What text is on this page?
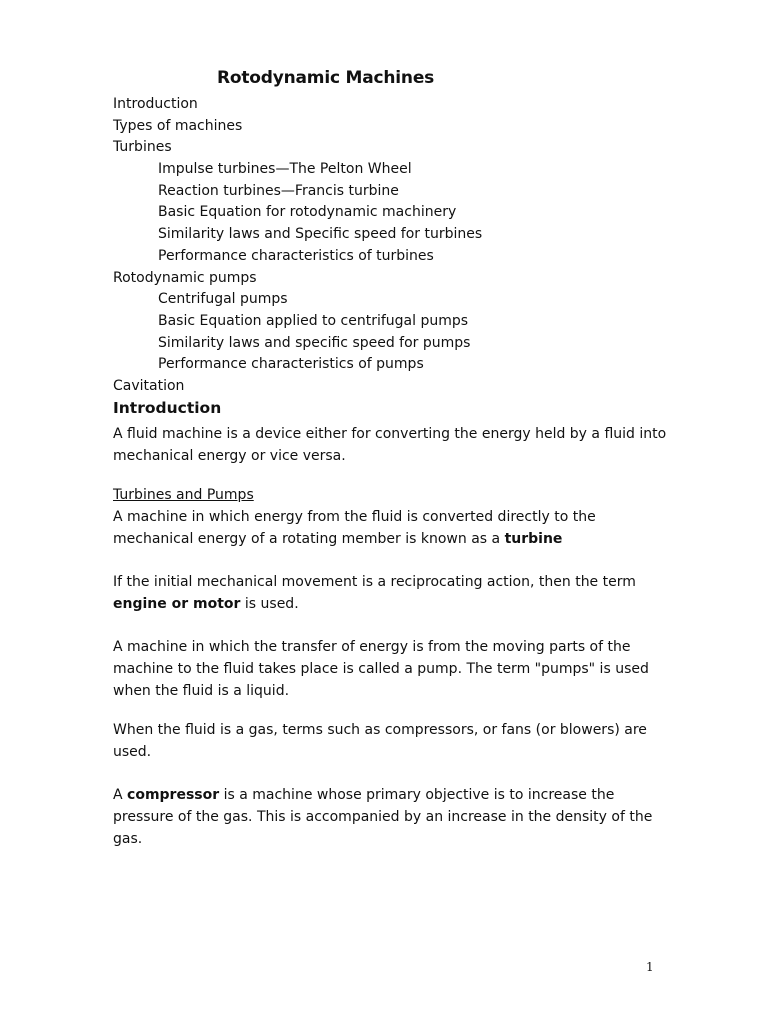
Rotodynamic Machines
Introduction
Types of machines
Turbines
Impulse turbines—The Pelton Wheel
Reaction turbines—Francis turbine
Basic Equation for rotodynamic machinery
Similarity laws and Specific speed for turbines
Performance characteristics of turbines
Rotodynamic pumps
Centrifugal pumps
Basic Equation applied to centrifugal pumps
Similarity laws and specific speed for pumps
Performance characteristics of pumps
Cavitation
Introduction

A fluid machine is a device either for converting the energy held by a fluid into mechanical energy or vice versa.

Turbines and Pumps

A machine in which energy from the fluid is converted directly to the mechanical energy of a rotating member is known as a turbine

If the initial mechanical movement is a reciprocating action, then the term engine or motor is used.

A machine in which the transfer of energy is from the moving parts of the machine to the fluid takes place is called a pump. The term "pumps" is used when the fluid is a liquid.

When the fluid is a gas, terms such as compressors, or fans (or blowers) are used.

A compressor is a machine whose primary objective is to increase the pressure of the gas. This is accompanied by an increase in the density of the gas.

1
